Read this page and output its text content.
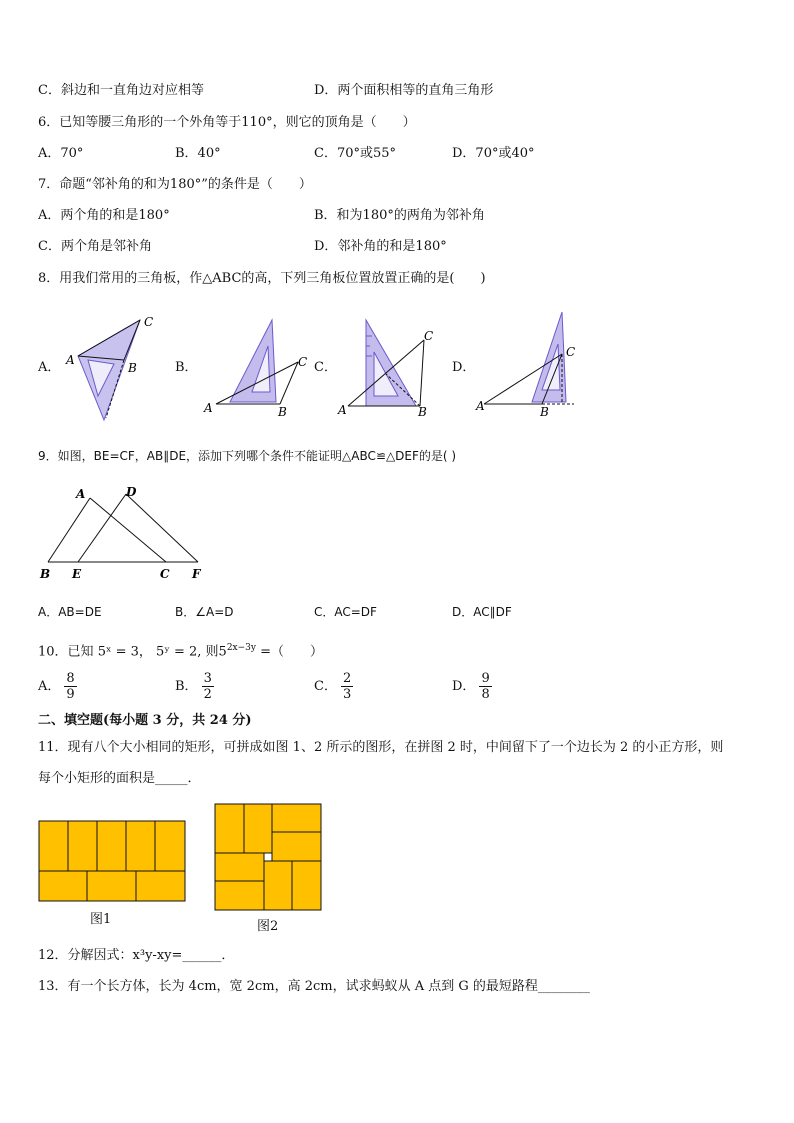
C．斜边和一直角边对应相等	D．两个面积相等的直角三角形
6．已知等腰三角形的一个外角等于110°，则它的顶角是（　　）
A．70°	B．40°	C．70°或55°	D．70°或40°
7．命题“邻补角的和为180°”的条件是（　　）
A．两个角的和是180°	B．和为180°的两角为邻补角
C．两个角是邻补角	D．邻补角的和是180°
8．用我们常用的三角板，作△ABC的高，下列三角板位置放置正确的是(　　)
A． A
B
C
B．
A	B
C C．
A	B
C
D．
A	B
C
9．如图，BE=CF，AB∥DE，添加下列哪个条件不能证明△ABC≌△DEF的是( )
A	D
B E	C F
A．AB=DE	B．∠A=D	C．AC=DF	D．AC∥DF
10．已知 5ˣ = 3， 5ʸ = 2, 则$5^{2x-3y}$ =（　　）
A． $\frac{8}{9}$	B． $\frac{3}{2}$	C． $\frac{2}{3}$	D． $\frac{9}{8}$
二、填空题(每小题 3 分，共 24 分)
11．现有八个大小相同的矩形，可拼成如图 1、2 所示的图形，在拼图 2 时，中间留下了一个边长为 2 的小正方形，则
每个小矩形的面积是_____．
图1	图2
12．分解因式：x³y-xy=______．
13．有一个长方体，长为 4cm，宽 2cm，高 2cm，试求蚂蚁从 A 点到 G 的最短路程________
